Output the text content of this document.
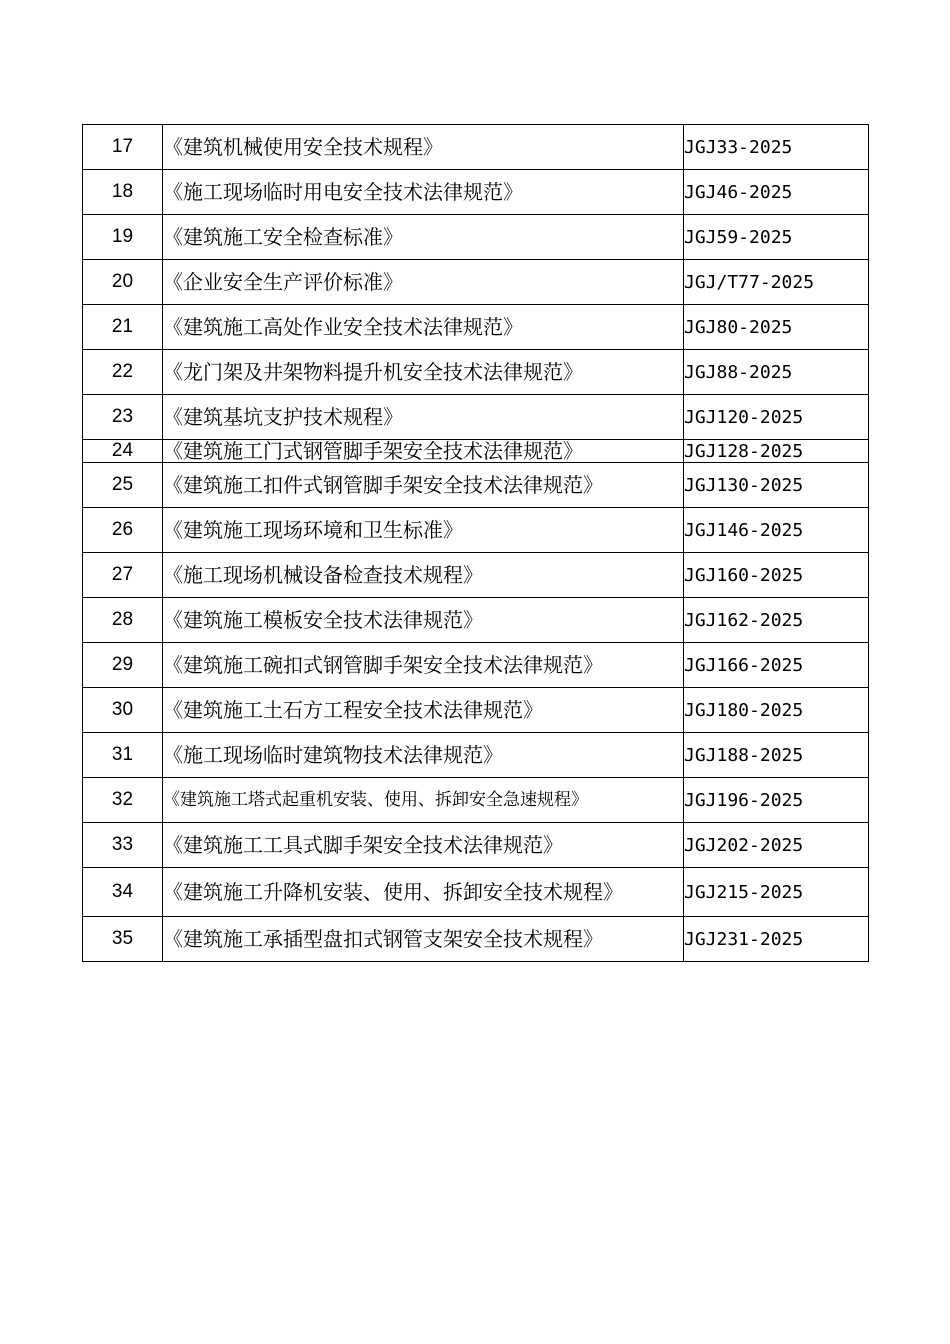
17	《建筑机械使用安全技术规程》	JGJ33-2025
18	《施工现场临时用电安全技术法律规范》	JGJ46-2025
19	《建筑施工安全检查标准》	JGJ59-2025
20	《企业安全生产评价标准》	JGJ/T77-2025
21	《建筑施工高处作业安全技术法律规范》	JGJ80-2025
22	《龙门架及井架物料提升机安全技术法律规范》	JGJ88-2025
23	《建筑基坑支护技术规程》	JGJ120-2025
24	《建筑施工门式钢管脚手架安全技术法律规范》	JGJ128-2025
25	《建筑施工扣件式钢管脚手架安全技术法律规范》	JGJ130-2025
26	《建筑施工现场环境和卫生标准》	JGJ146-2025
27	《施工现场机械设备检查技术规程》	JGJ160-2025
28	《建筑施工模板安全技术法律规范》	JGJ162-2025
29	《建筑施工碗扣式钢管脚手架安全技术法律规范》	JGJ166-2025
30	《建筑施工土石方工程安全技术法律规范》	JGJ180-2025
31	《施工现场临时建筑物技术法律规范》	JGJ188-2025
32	《建筑施工塔式起重机安装、使用、拆卸安全急速规程》	JGJ196-2025
33	《建筑施工工具式脚手架安全技术法律规范》	JGJ202-2025
34	《建筑施工升降机安装、使用、拆卸安全技术规程》	JGJ215-2025
35	《建筑施工承插型盘扣式钢管支架安全技术规程》	JGJ231-2025
